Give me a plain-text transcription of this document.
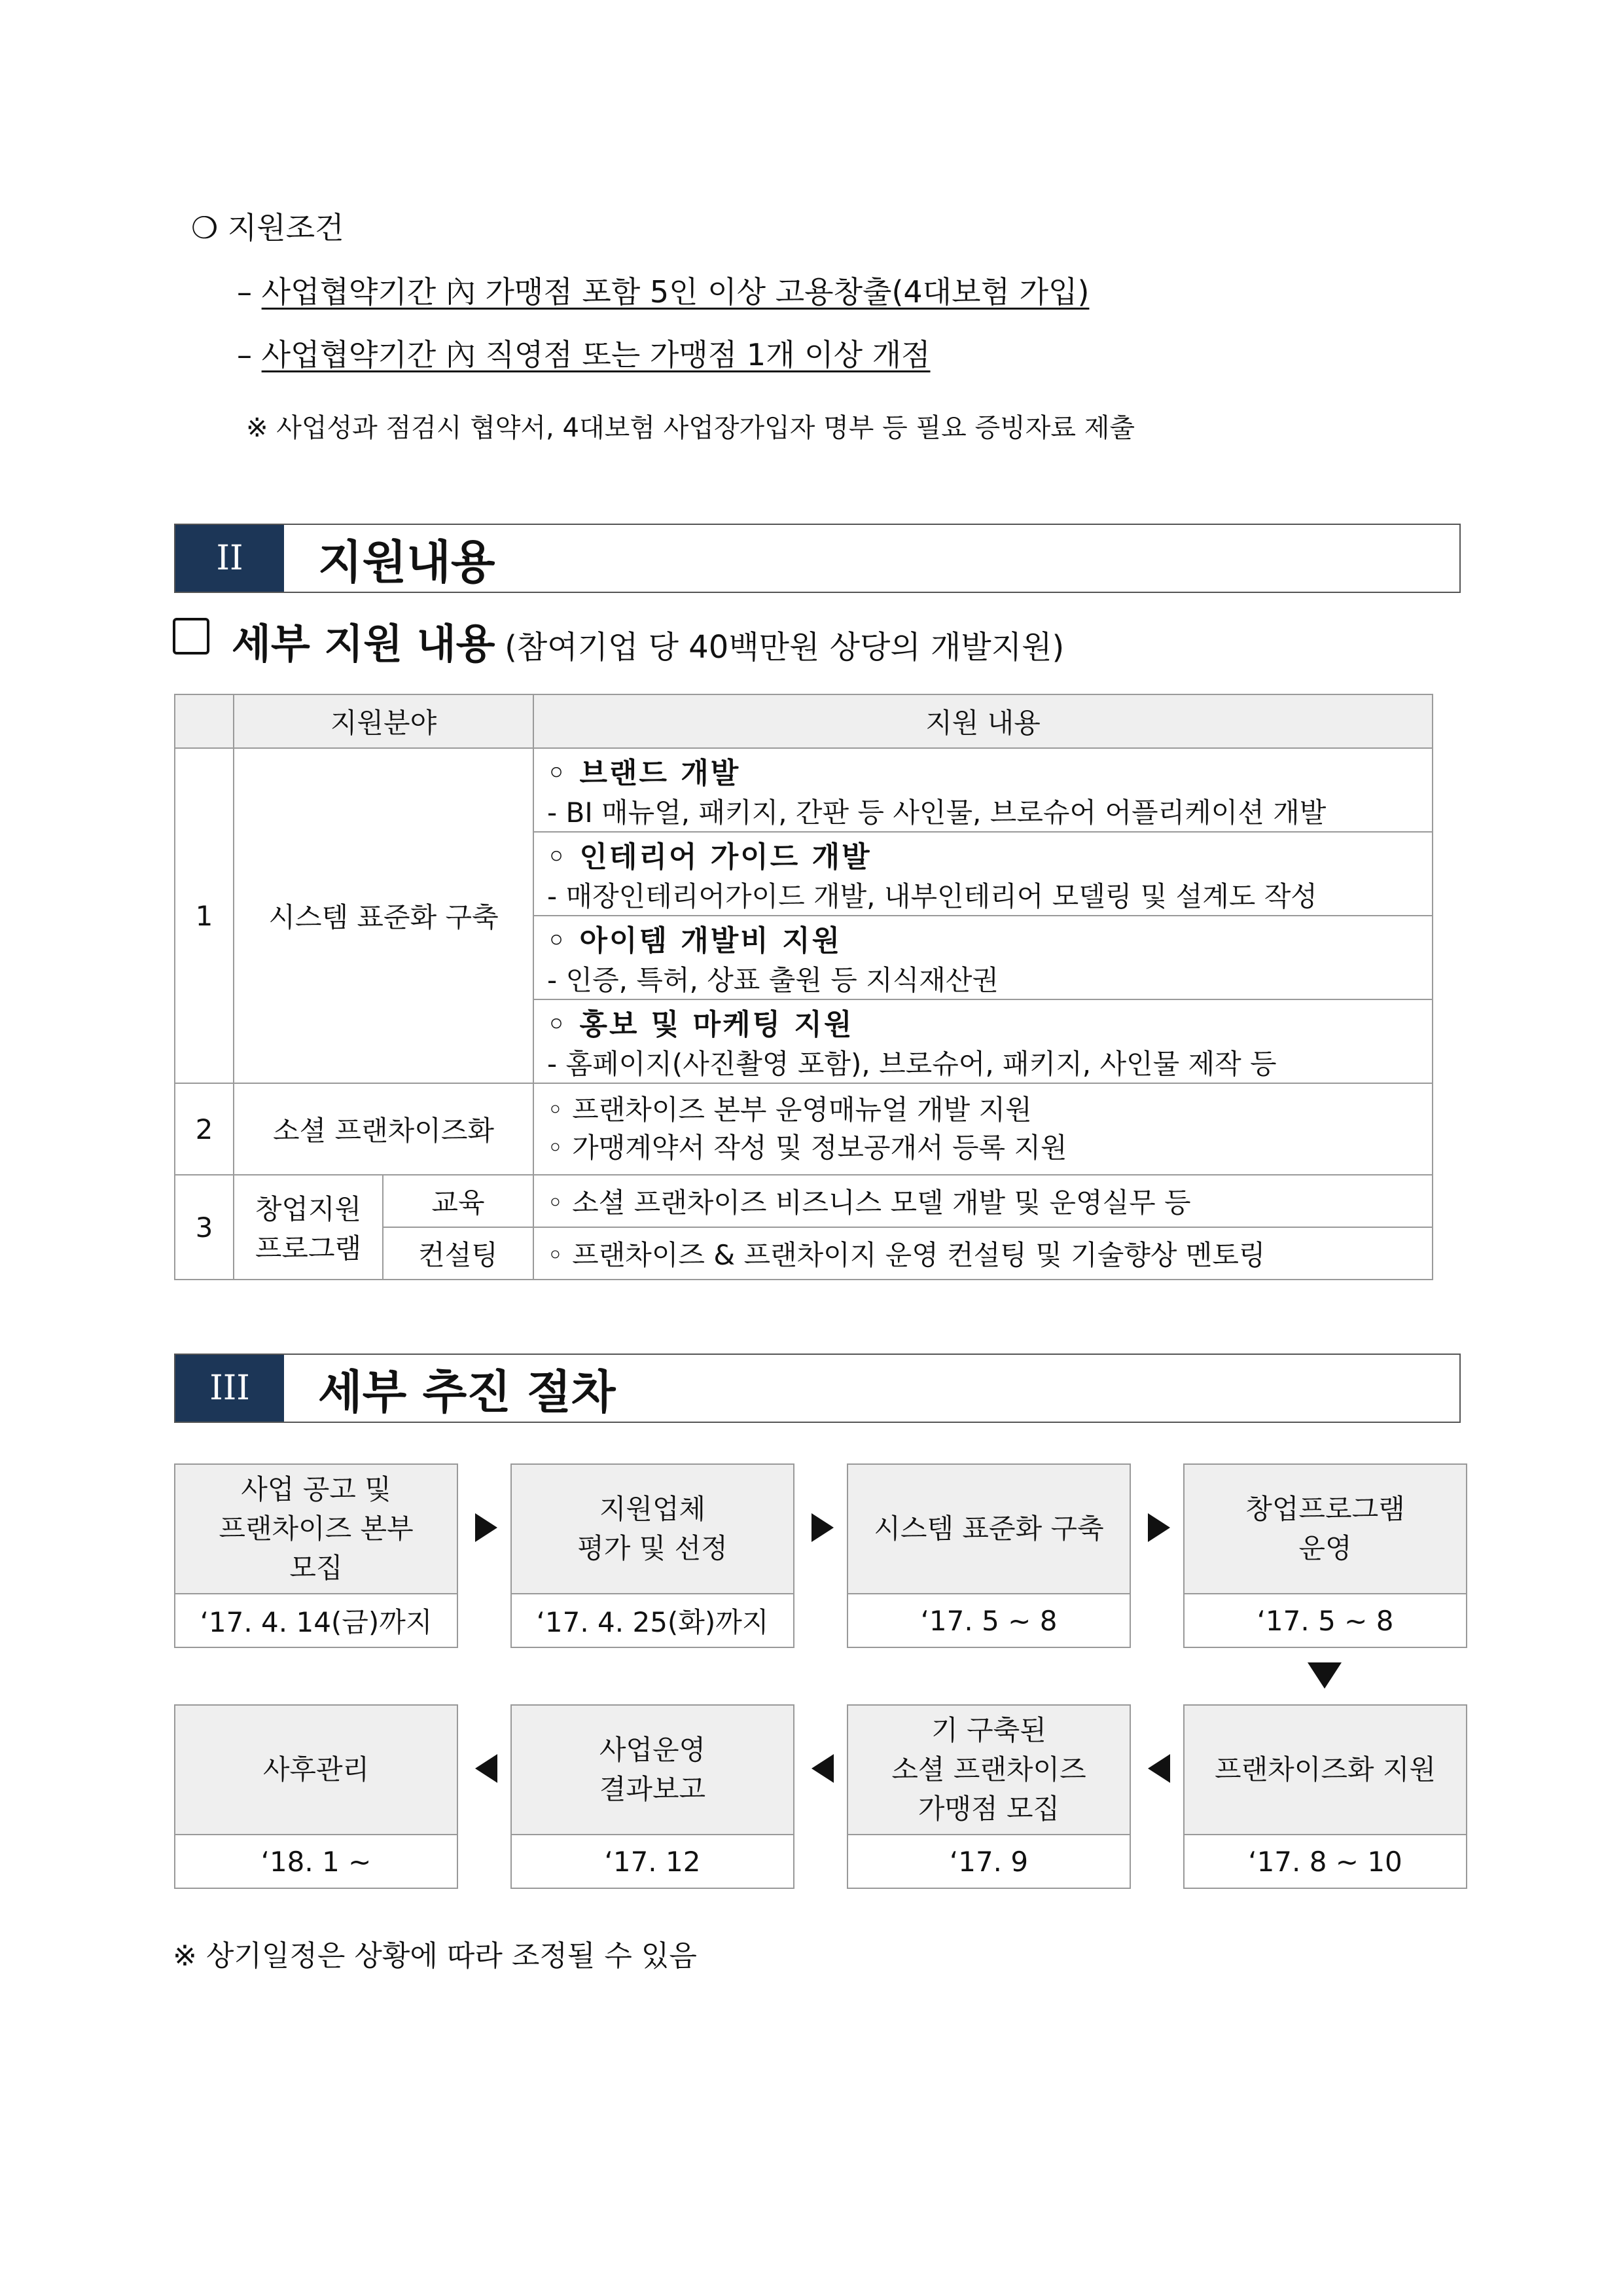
❍ 지원조건
– 사업협약기간 內 가맹점 포함 5인 이상 고용창출(4대보험 가입)
– 사업협약기간 內 직영점 또는 가맹점 1개 이상 개점
※ 사업성과 점검시 협약서, 4대보험 사업장가입자 명부 등 필요 증빙자료 제출
II	지원내용
세부 지원 내용 (참여기업 당 40백만원 상당의 개발지원)
	지원분야		지원 내용
1	시스템 표준화 구축		◦ 브랜드 개발
- BI 매뉴얼, 패키지, 간판 등 사인물, 브로슈어 어플리케이션 개발

			◦ 인테리어 가이드 개발
- 매장인테리어가이드 개발, 내부인테리어 모델링 및 설계도 작성

			◦ 아이템 개발비 지원
- 인증, 특허, 상표 출원 등 지식재산권

			◦ 홍보 및 마케팅 지원
- 홈페이지(사진촬영 포함), 브로슈어, 패키지, 사인물 제작 등

2	소셜 프랜차이즈화		◦ 프랜차이즈 본부 운영매뉴얼 개발 지원
◦ 가맹계약서 작성 및 정보공개서 등록 지원

3	창업지원
프로그램	교육	◦ 소셜 프랜차이즈 비즈니스 모델 개발 및 운영실무 등
		컨설팅	◦ 프랜차이즈 & 프랜차이지 운영 컨설팅 및 기술향상 멘토링
III	세부 추진 절차
사업 공고 및
프랜차이즈 본부
모집
‘17. 4. 14(금)까지
지원업체
평가 및 선정
‘17. 4. 25(화)까지
시스템 표준화 구축
‘17. 5 ~ 8
창업프로그램
운영
‘17. 5 ~ 8
사후관리
‘18. 1 ~
사업운영
결과보고
‘17. 12
기 구축된
소셜 프랜차이즈
가맹점 모집
‘17. 9
프랜차이즈화 지원
‘17. 8 ~ 10
※ 상기일정은 상황에 따라 조정될 수 있음
